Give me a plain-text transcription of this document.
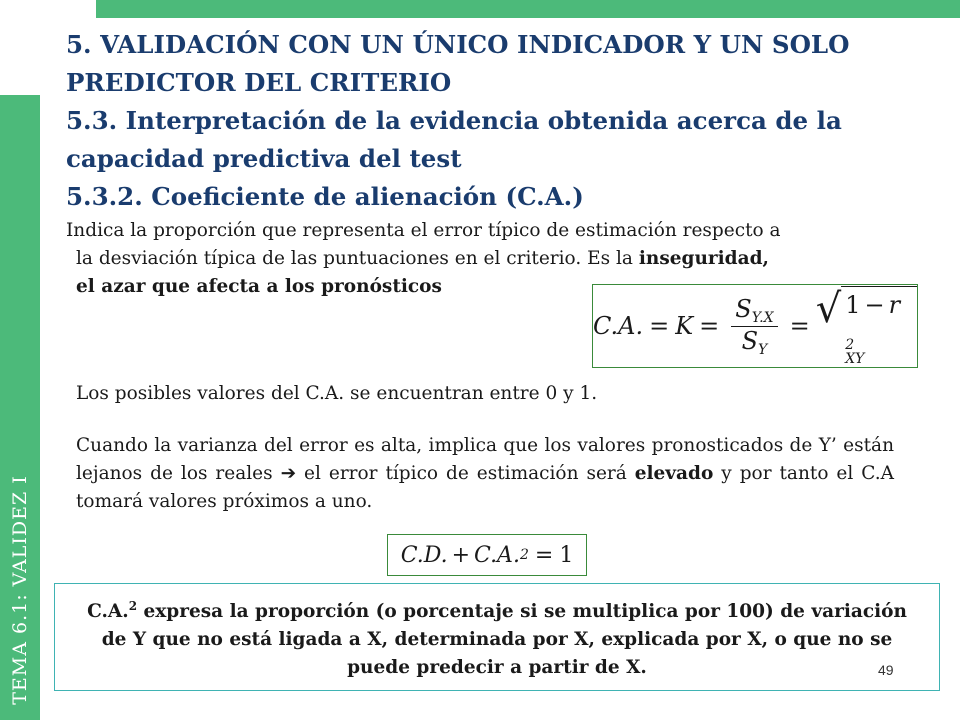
TEMA 6.1: VALIDEZ I
5. VALIDACIÓN CON UN ÚNICO INDICADOR Y UN SOLO PREDICTOR DEL CRITERIO
5.3. Interpretación de la evidencia obtenida acerca de la capacidad predictiva del test
5.3.2. Coeficiente de alienación (C.A.)

Indica la proporción que representa el error típico de estimación respecto a
la desviación típica de las puntuaciones en el criterio. Es la inseguridad,
el azar que afecta a los pronósticos

C.A. = $K = \frac{S_{Y.X}}{S_Y}$ = √ 1 − r
2
XY

Los posibles valores del C.A. se encuentran entre 0 y 1.

Cuando la varianza del error es alta, implica que los valores pronosticados de Y’ están lejanos de los reales ➔ el error típico de estimación será elevado y por tanto el C.A tomará valores próximos a uno.

C.D. + C.A. 2 = 1
C.A.$^2$ expresa la proporción (o porcentaje si se multiplica por 100) de variación de Y que no está ligada a X, determinada por X, explicada por X, o que no se puede predecir a partir de X.	49
